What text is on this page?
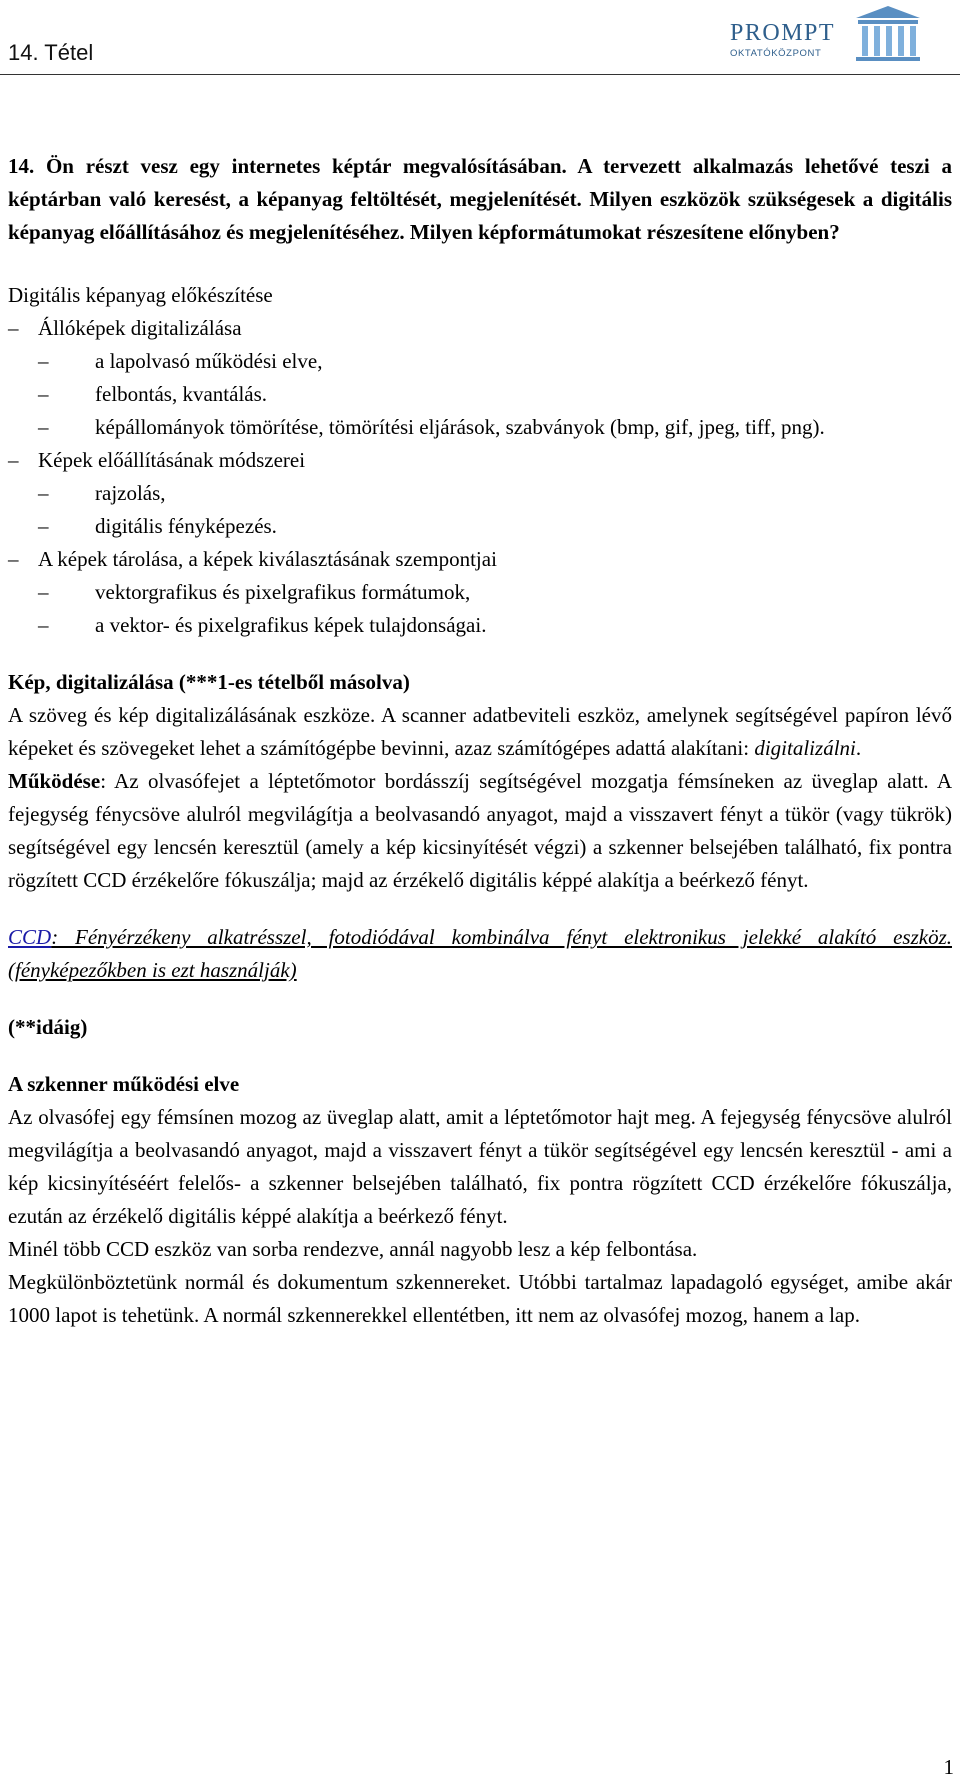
14. Tétel
PROMPT
OKTATÓKÖZPONT

14. Ön részt vesz egy internetes képtár megvalósításában. A tervezett alkalmazás lehetővé teszi a képtárban való keresést, a képanyag feltöltését, megjelenítését. Milyen eszközök szükségesek a digitális képanyag előállításához és megjelenítéséhez. Milyen képformátumokat részesítene előnyben?

Digitális képanyag előkészítése

– Állóképek digitalizálása
–	a lapolvasó működési elve,
–	felbontás, kvantálás.
–	képállományok tömörítése, tömörítési eljárások, szabványok (bmp, gif, jpeg, tiff, png).
– Képek előállításának módszerei
–	rajzolás,
–	digitális fényképezés.
– A képek tárolása, a képek kiválasztásának szempontjai
–	vektorgrafikus és pixelgrafikus formátumok,
–	a vektor- és pixelgrafikus képek tulajdonságai.

Kép, digitalizálása (***1-es tételből másolva)

A szöveg és kép digitalizálásának eszköze. A scanner adatbeviteli eszköz, amelynek segítségével papíron lévő képeket és szövegeket lehet a számítógépbe bevinni, azaz számítógépes adattá alakítani: digitalizálni.

Működése: Az olvasófejet a léptetőmotor bordásszíj segítségével mozgatja fémsíneken az üveglap alatt. A fejegység fénycsöve alulról megvilágítja a beolvasandó anyagot, majd a visszavert fényt a tükör (vagy tükrök) segítségével egy lencsén keresztül (amely a kép kicsinyítését végzi) a szkenner belsejében található, fix pontra rögzített CCD érzékelőre fókuszálja; majd az érzékelő digitális képpé alakítja a beérkező fényt.

CCD: Fényérzékeny alkatrésszel, fotodiódával kombinálva fényt elektronikus jelekké alakító eszköz. (fényképezőkben is ezt használják)

(**idáig)

A szkenner működési elve

Az olvasófej egy fémsínen mozog az üveglap alatt, amit a léptetőmotor hajt meg. A fejegység fénycsöve alulról megvilágítja a beolvasandó anyagot, majd a visszavert fényt a tükör segítségével egy lencsén keresztül - ami a kép kicsinyítéséért felelős- a szkenner belsejében található, fix pontra rögzített CCD érzékelőre fókuszálja, ezután az érzékelő digitális képpé alakítja a beérkező fényt.

Minél több CCD eszköz van sorba rendezve, annál nagyobb lesz a kép felbontása.

Megkülönböztetünk normál és dokumentum szkennereket. Utóbbi tartalmaz lapadagoló egységet, amibe akár 1000 lapot is tehetünk. A normál szkennerekkel ellentétben, itt nem az olvasófej mozog, hanem a lap.

1
